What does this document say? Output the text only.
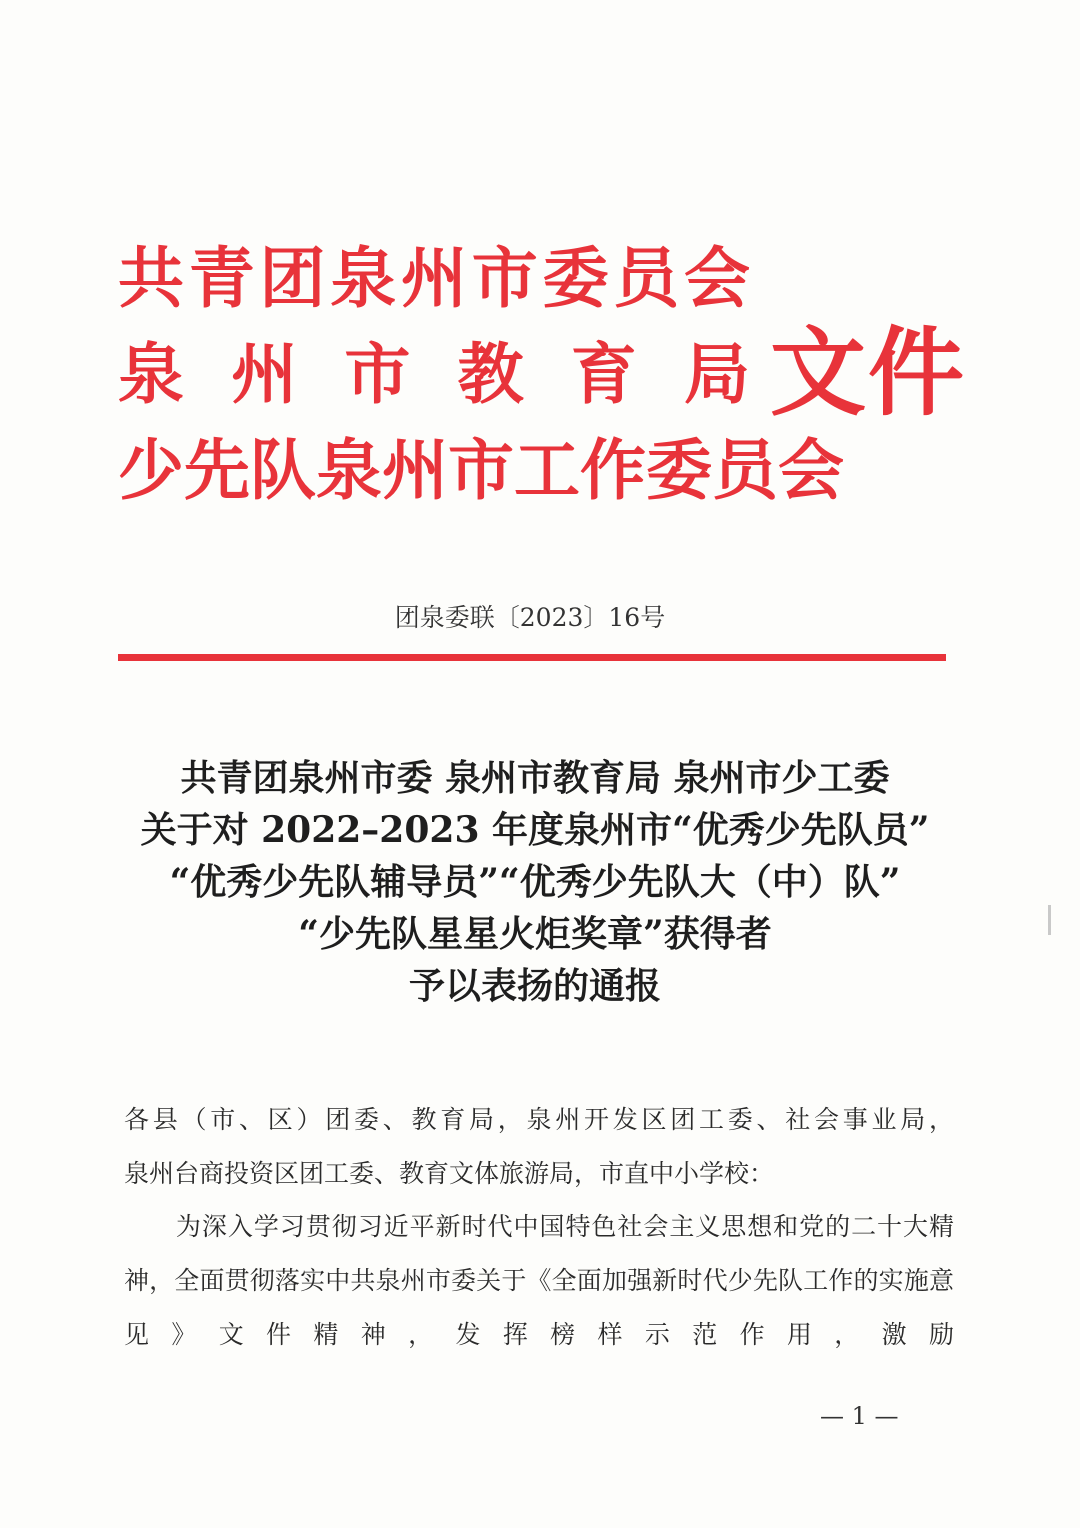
共 青 团 泉 州 市 委 员 会
泉 州 市 教 育 局
少 先 队 泉 州 市 工 作 委 员 会
文件
团泉委联〔2023〕16号
共青团泉州市委 泉州市教育局 泉州市少工委
关于对 2022–2023 年度泉州市“优秀少先队员”
“优秀少先队辅导员”“优秀少先队大（中）队”
“少先队星星火炬奖章”获得者
予以表扬的通报
各县（市、区）团委、教育局，泉州开发区团工委、社会事业局，
泉州台商投资区团工委、教育文体旅游局，市直中小学校：
　　为深入学习贯彻习近平新时代中国特色社会主义思想和党的二十大精神，全面贯彻落实中共泉州市委关于《全面加强新时代少先队工作的实施意见》文件精神，发挥榜样示范作用，激励
— 1 —
